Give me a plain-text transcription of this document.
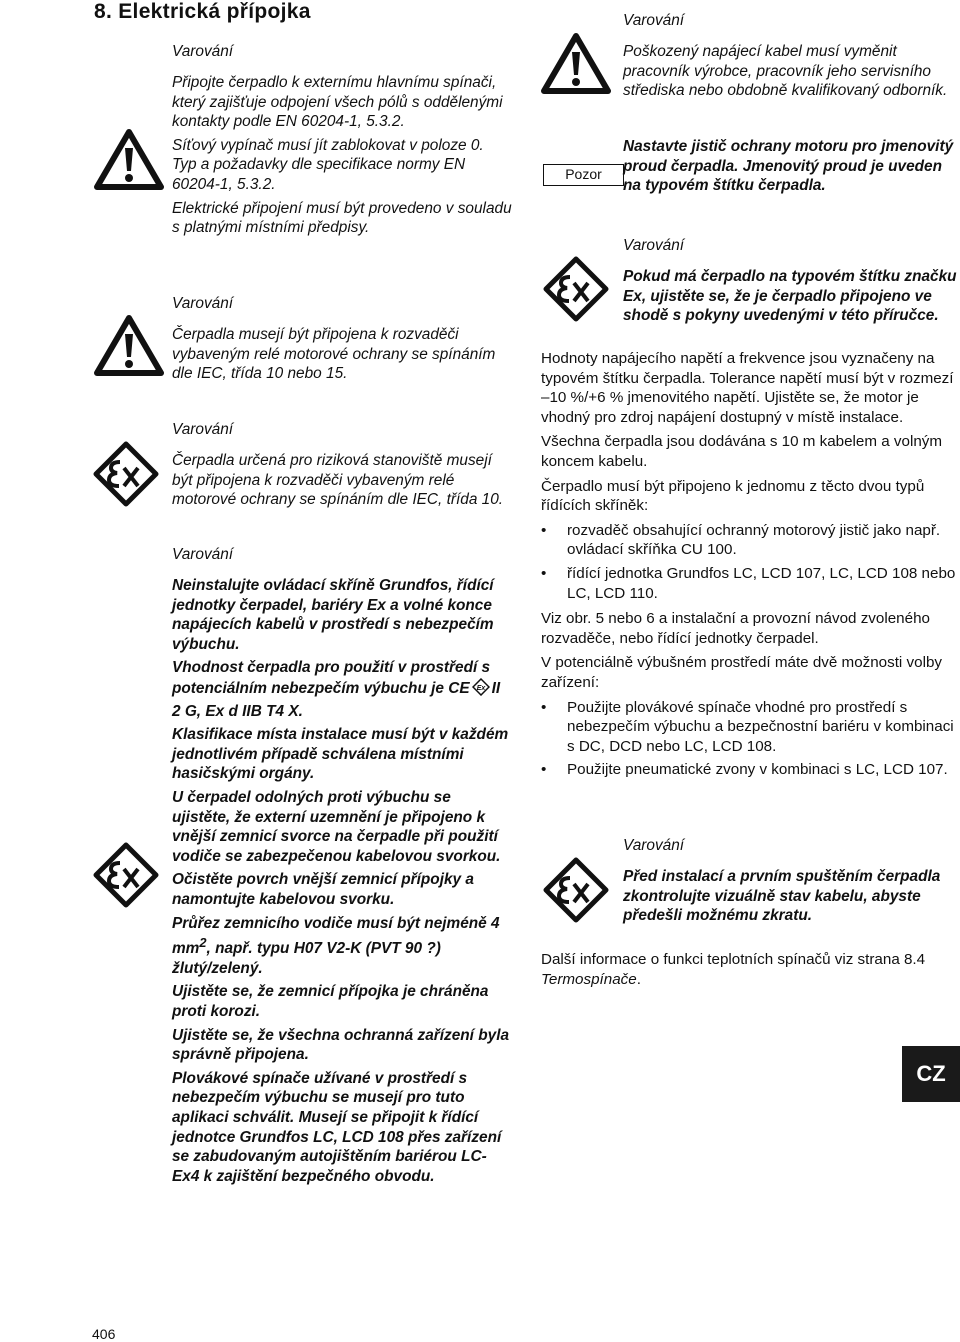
8. Elektrická přípojka
Varování

Připojte čerpadlo k externímu hlavnímu spínači, který zajišťuje odpojení všech pólů s oddělenými kontakty podle EN 60204-1, 5.3.2.

Síťový vypínač musí jít zablokovat v poloze 0. Typ a požadavky dle specifikace normy EN 60204-1, 5.3.2.

Elektrické připojení musí být provedeno v souladu s platnými místními předpisy.

Varování

Čerpadla musejí být připojena k rozvaděči vybaveným relé motorové ochrany se spínáním dle IEC, třída 10 nebo 15.

Varování

Čerpadla určená pro riziková stanoviště musejí být připojena k rozvaděči vybaveným relé motorové ochrany se spínáním dle IEC, třída 10.

Varování

Neinstalujte ovládací skříně Grundfos, řídící jednotky čerpadel, bariéry Ex a volné konce napájecích kabelů v prostředí s nebezpečím výbuchu.

Vhodnost čerpadla pro použití v prostředí s potenciálním nebezpečím výbuchu je CE Ex II 2 G, Ex d IIB T4 X.

Klasifikace místa instalace musí být v každém jednotlivém případě schválena místními hasičskými orgány.

U čerpadel odolných proti výbuchu se ujistěte, že externí uzemnění je připojeno k vnější zemnicí svorce na čerpadle při použití vodiče se zabezpečenou kabelovou svorkou.

Očistěte povrch vnější zemnicí přípojky a namontujte kabelovou svorku.

Průřez zemnicího vodiče musí být nejméně 4 $mm^2$, např. typu H07 V2-K (PVT 90 ?) žlutý/zelený.

Ujistěte se, že zemnicí přípojka je chráněna proti korozi.

Ujistěte se, že všechna ochranná zařízení byla správně připojena.

Plovákové spínače užívané v prostředí s nebezpečím výbuchu se musejí pro tuto aplikaci schválit. Musejí se připojit k řídící jednotce Grundfos LC, LCD 108 přes zařízení se zabudovaným autojištěním bariérou LC-Ex4 k zajištění bezpečného obvodu.

Varování

Poškozený napájecí kabel musí vyměnit pracovník výrobce, pracovník jeho servisního střediska nebo obdobně kvalifikovaný odborník.

Pozor

Nastavte jistič ochrany motoru pro jmenovitý proud čerpadla. Jmenovitý proud je uveden na typovém štítku čerpadla.

Varování

Pokud má čerpadlo na typovém štítku značku Ex, ujistěte se, že je čerpadlo připojeno ve shodě s pokyny uvedenými v této příručce.

Hodnoty napájecího napětí a frekvence jsou vyznačeny na typovém štítku čerpadla. Tolerance napětí musí být v rozmezí –10 %/+6 % jmenovitého napětí. Ujistěte se, že motor je vhodný pro zdroj napájení dostupný v místě instalace.

Všechna čerpadla jsou dodávána s 10 m kabelem a volným koncem kabelu.

Čerpadlo musí být připojeno k jednomu z těcto dvou typů řídících skříněk:

• rozvaděč obsahující ochranný motorový jistič jako např. ovládací skříňka CU 100.
• řídící jednotka Grundfos LC, LCD 107, LC, LCD 108 nebo LC, LCD 110.

Viz obr. 5 nebo 6 a instalační a provozní návod zvoleného rozvaděče, nebo řídící jednotky čerpadel.

V potenciálně výbušném prostředí máte dvě možnosti volby zařízení:

• Použijte plovákové spínače vhodné pro prostředí s nebezpečím výbuchu a bezpečnostní bariéru v kombinaci s DC, DCD nebo LC, LCD 108.
• Použijte pneumatické zvony v kombinaci s LC, LCD 107.
Varování

Před instalací a prvním spuštěním čerpadla zkontrolujte vizuálně stav kabelu, abyste předešli možnému zkratu.

Další informace o funkci teplotních spínačů viz strana 8.4 Termospínače.

CZ
406
